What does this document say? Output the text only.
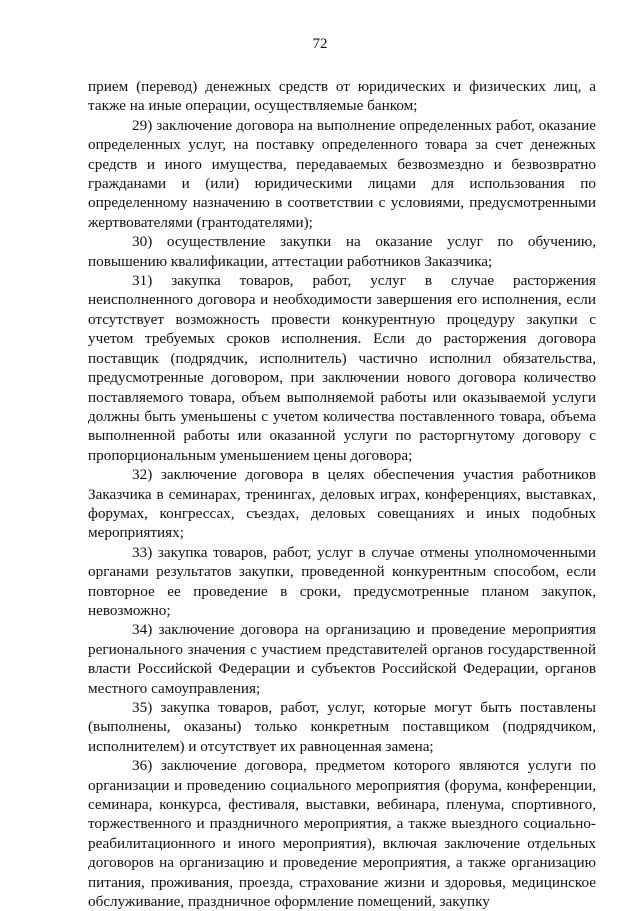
72

прием (перевод) денежных средств от юридических и физических лиц, а также на иные операции, осуществляемые банком;

29) заключение договора на выполнение определенных работ, оказание определенных услуг, на поставку определенного товара за счет денежных средств и иного имущества, передаваемых безвозмездно и безвозвратно гражданами и (или) юридическими лицами для использования по определенному назначению в соответствии с условиями, предусмотренными жертвователями (грантодателями);

30) осуществление закупки на оказание услуг по обучению, повышению квалификации, аттестации работников Заказчика;

31) закупка товаров, работ, услуг в случае расторжения неисполненного договора и необходимости завершения его исполнения, если отсутствует возможность провести конкурентную процедуру закупки с учетом требуемых сроков исполнения. Если до расторжения договора поставщик (подрядчик, исполнитель) частично исполнил обязательства, предусмотренные договором, при заключении нового договора количество поставляемого товара, объем выполняемой работы или оказываемой услуги должны быть уменьшены с учетом количества поставленного товара, объема выполненной работы или оказанной услуги по расторгнутому договору с пропорциональным уменьшением цены договора;

32) заключение договора в целях обеспечения участия работников Заказчика в семинарах, тренингах, деловых играх, конференциях, выставках, форумах, конгрессах, съездах, деловых совещаниях и иных подобных мероприятиях;

33) закупка товаров, работ, услуг в случае отмены уполномоченными органами результатов закупки, проведенной конкурентным способом, если повторное ее проведение в сроки, предусмотренные планом закупок, невозможно;

34) заключение договора на организацию и проведение мероприятия регионального значения с участием представителей органов государственной власти Российской Федерации и субъектов Российской Федерации, органов местного самоуправления;

35) закупка товаров, работ, услуг, которые могут быть поставлены (выполнены, оказаны) только конкретным поставщиком (подрядчиком, исполнителем) и отсутствует их равноценная замена;

36) заключение договора, предметом которого являются услуги по организации и проведению социального мероприятия (форума, конференции, семинара, конкурса, фестиваля, выставки, вебинара, пленума, спортивного, торжественного и праздничного мероприятия, а также выездного социально-реабилитационного и иного мероприятия), включая заключение отдельных договоров на организацию и проведение мероприятия, а также организацию питания, проживания, проезда, страхование жизни и здоровья, медицинское обслуживание, праздничное оформление помещений, закупку
